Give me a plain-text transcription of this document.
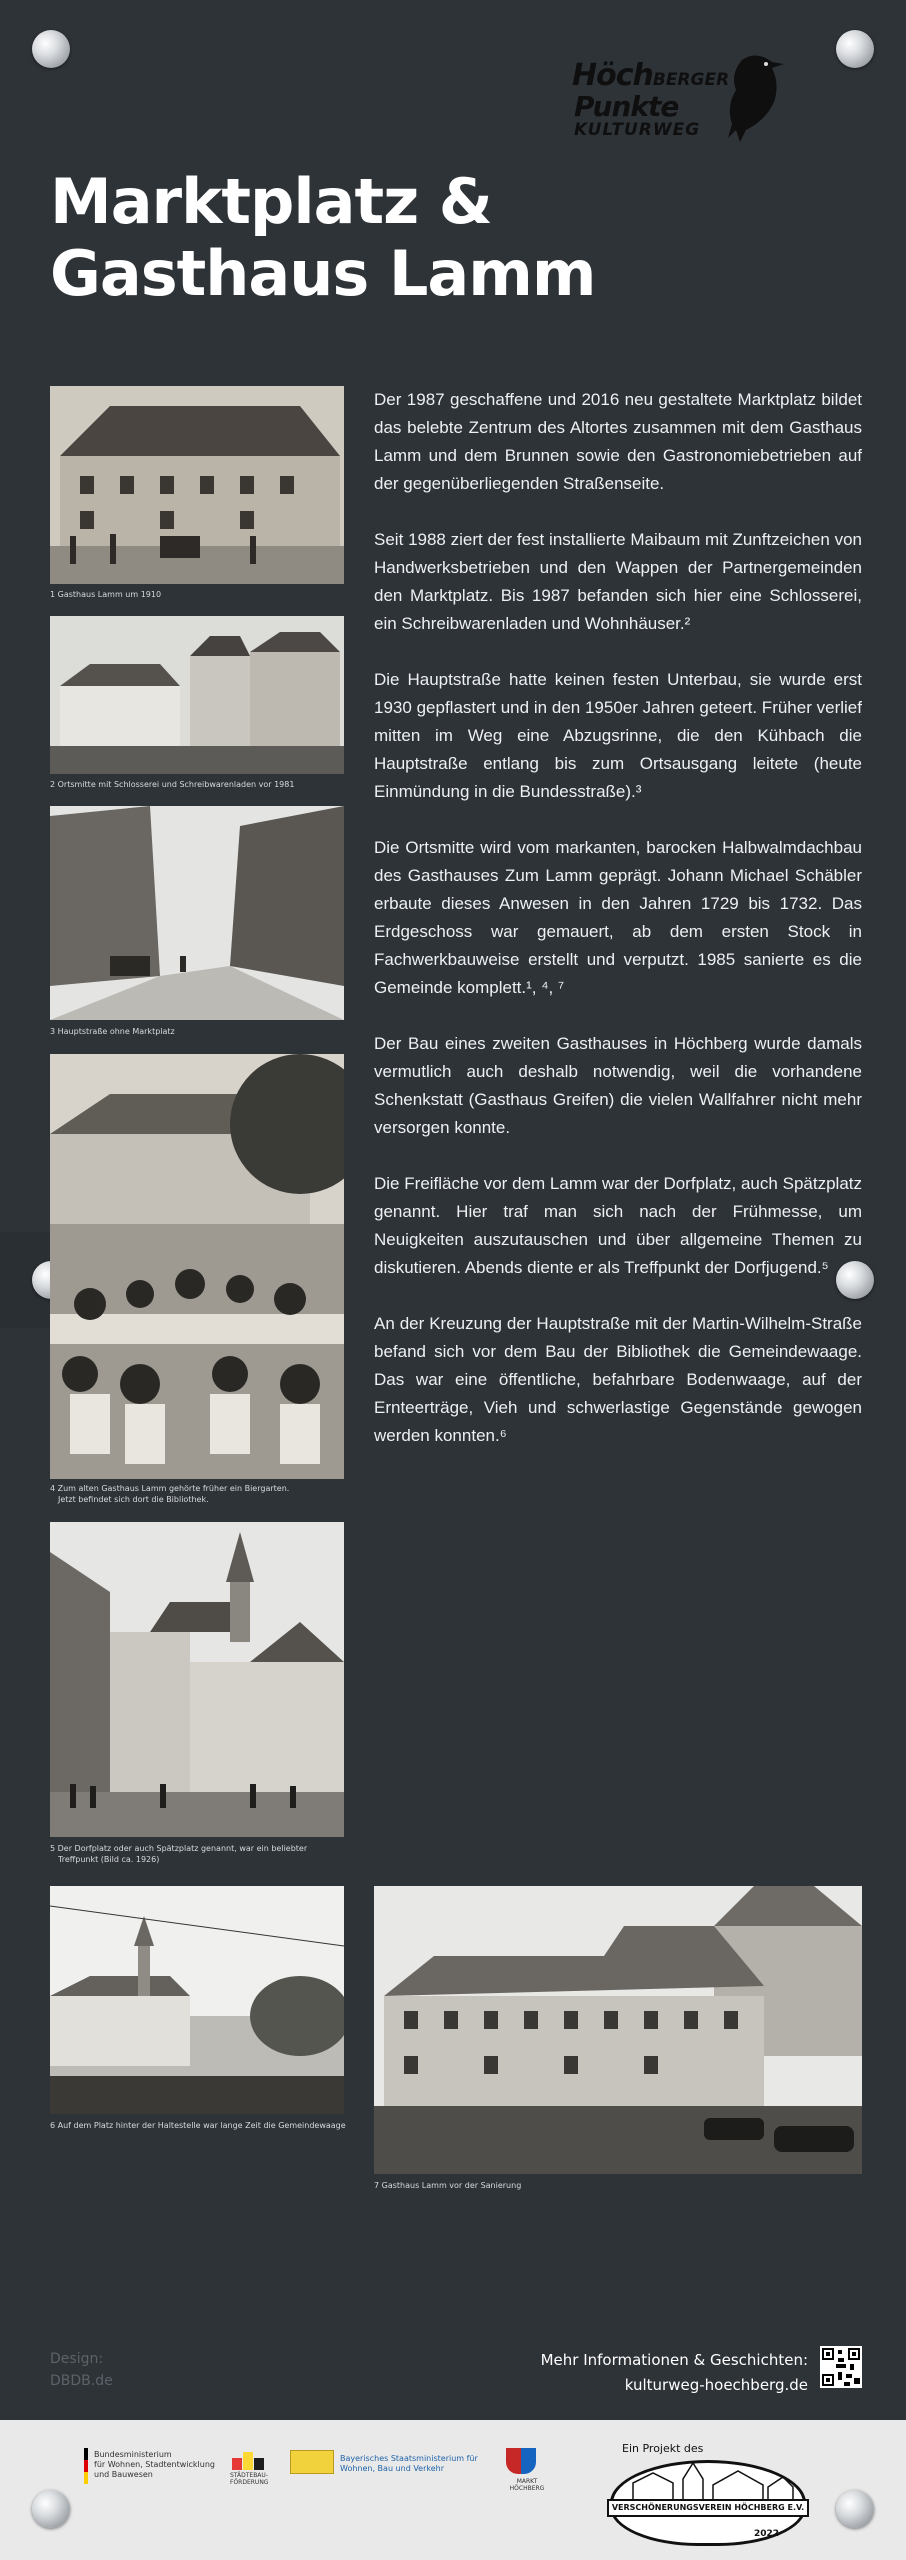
HöchBERGER
Punkte
KULTURWEG
Marktplatz &
Gasthaus Lamm
1 Gasthaus Lamm um 1910
2 Ortsmitte mit Schlosserei und Schreibwarenladen vor 1981
3 Hauptstraße ohne Marktplatz
4 Zum alten Gasthaus Lamm gehörte früher ein Biergarten.
Jetzt befindet sich dort die Bibliothek.
5 Der Dorfplatz oder auch Spätzplatz genannt, war ein beliebter
Treffpunkt (Bild ca. 1926)
6 Auf dem Platz hinter der Haltestelle war lange Zeit die Gemeindewaage
7 Gasthaus Lamm vor der Sanierung

Der 1987 geschaffene und 2016 neu gestaltete Marktplatz bildet das belebte Zentrum des Altortes zusammen mit dem Gasthaus Lamm und dem Brunnen sowie den Gastronomiebetrieben auf der gegenüberliegenden Straßenseite.

Seit 1988 ziert der fest installierte Maibaum mit Zunftzeichen von Handwerksbetrieben und den Wappen der Partnergemeinden den Marktplatz. Bis 1987 befanden sich hier eine Schlosserei, ein Schreibwarenladen und Wohnhäuser.²

Die Hauptstraße hatte keinen festen Unterbau, sie wurde erst 1930 gepflastert und in den 1950er Jahren geteert. Früher verlief mitten im Weg eine Abzugsrinne, die den Kühbach die Hauptstraße entlang bis zum Ortsausgang leitete (heute Einmündung in die Bundesstraße).³

Die Ortsmitte wird vom markanten, barocken Halbwalmdachbau des Gasthauses Zum Lamm geprägt. Johann Michael Schäbler erbaute dieses Anwesen in den Jahren 1729 bis 1732. Das Erdgeschoss war gemauert, ab dem ersten Stock in Fachwerkbauweise erstellt und verputzt. 1985 sanierte es die Gemeinde komplett.¹, ⁴, ⁷

Der Bau eines zweiten Gasthauses in Höchberg wurde damals vermutlich auch deshalb notwendig, weil die vorhandene Schenkstatt (Gasthaus Greifen) die vielen Wallfahrer nicht mehr versorgen konnte.

Die Freifläche vor dem Lamm war der Dorfplatz, auch Spätzplatz genannt. Hier traf man sich nach der Frühmesse, um Neuigkeiten auszutauschen und über allgemeine Themen zu diskutieren. Abends diente er als Treffpunkt der Dorfjugend.⁵

An der Kreuzung der Hauptstraße mit der Martin-Wilhelm-Straße befand sich vor dem Bau der Bibliothek die Gemeindewaage. Das war eine öffentliche, befahrbare Bodenwaage, auf der Ernteerträge, Vieh und schwerlastige Gegenstände gewogen werden konnten.⁶

Design:
DBDB.de
Mehr Informationen & Geschichten:
kulturweg-hoechberg.de
Bundesministerium
für Wohnen, Stadtentwicklung
und Bauwesen	STÄDTEBAU-
FÖRDERUNG
Bayerisches Staatsministerium für
Wohnen, Bau und Verkehr
MARKT
HÖCHBERG
Ein Projekt des
VERSCHÖNERUNGSVEREIN HÖCHBERG E.V.
2022
